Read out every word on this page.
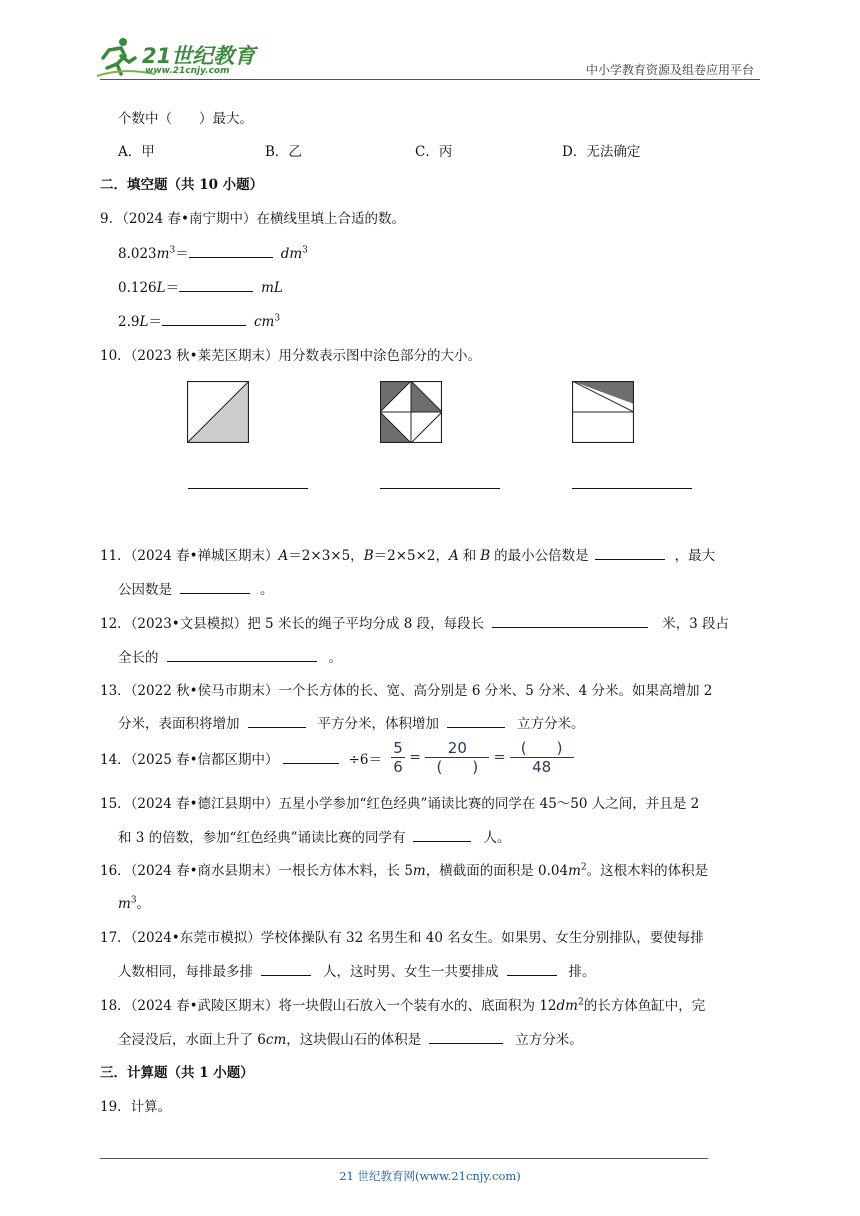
21世纪教育
www.21cnjy.com	中小学教育资源及组卷应用平台
个数中（　　）最大。
A．甲	B．乙	C．丙	D．无法确定
二．填空题（共 10 小题）
9．（2024 春•南宁期中）在横线里填上合适的数。
$8.023m^3=$	$dm^3$
0.126L＝	mL
2.9L＝	$cm^3$
10．（2023 秋•莱芜区期末）用分数表示图中涂色部分的大小。
11．（2024 春•禅城区期末）A＝2×3×5，B＝2×5×2，A 和 B 的最小公倍数是	，最大
公因数是	。
12．（2023•文县模拟）把 5 米长的绳子平均分成 8 段，每段长	米，3 段占
全长的	。
13．（2022 秋•侯马市期末）一个长方体的长、宽、高分别是 6 分米、5 分米、4 分米。如果高增加 2
分米，表面积将增加	平方分米，体积增加	立方分米。
14．（2025 春•信都区期中）	$\div 6= \frac{5}{6}$ =
20
(　　)
=
(　　)
48
15．（2024 春•德江县期中）五星小学参加“红色经典”诵读比赛的同学在 45～50 人之间，并且是 2
和 3 的倍数，参加“红色经典”诵读比赛的同学有	人。
16．（2024 春•商水县期末）一根长方体木料，长 5m，横截面的面积是 $0.04m^2$。这根木料的体积是
$m^3$。
17．（2024•东莞市模拟）学校体操队有 32 名男生和 40 名女生。如果男、女生分别排队，要使每排
人数相同，每排最多排	人，这时男、女生一共要排成	排。
18．（2024 春•武陵区期末）将一块假山石放入一个装有水的、底面积为 $12dm^2$的长方体鱼缸中，完
全浸没后，水面上升了 6cm，这块假山石的体积是	立方分米。
三．计算题（共 1 小题）
19．计算。
21 世纪教育网(www.21cnjy.com)
